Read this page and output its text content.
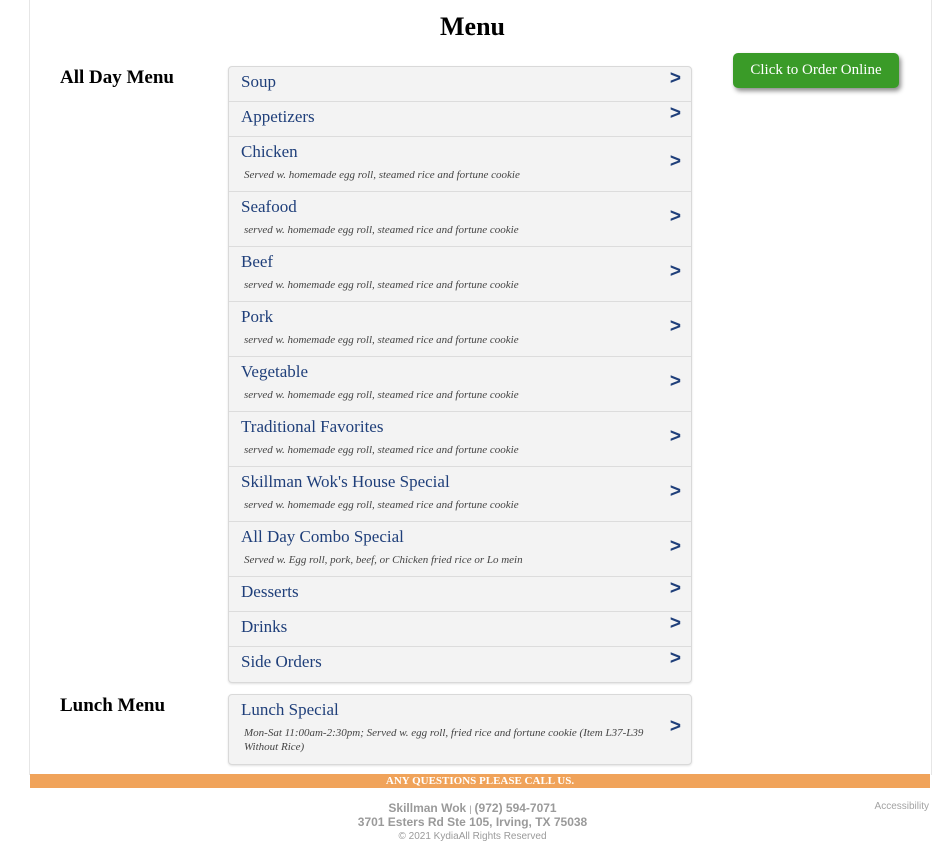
Menu
All Day Menu	Soup	>
Appetizers	>
Chicken
Served w. homemade egg roll, steamed rice and fortune cookie
>
Seafood
served w. homemade egg roll, steamed rice and fortune cookie
>
Beef
served w. homemade egg roll, steamed rice and fortune cookie
>
Pork
served w. homemade egg roll, steamed rice and fortune cookie
>
Vegetable
served w. homemade egg roll, steamed rice and fortune cookie
>
Traditional Favorites
served w. homemade egg roll, steamed rice and fortune cookie
>
Skillman Wok's House Special
served w. homemade egg roll, steamed rice and fortune cookie
>
All Day Combo Special
Served w. Egg roll, pork, beef, or Chicken fried rice or Lo mein
>
Desserts	>
Drinks	>
Side Orders	>
Click to Order Online
Lunch Menu	Lunch Special
Mon-Sat 11:00am-2:30pm; Served w. egg roll, fried rice and fortune cookie (Item L37-L39 Without Rice)
>
ANY QUESTIONS PLEASE CALL US.
Skillman Wok | (972) 594-7071
3701 Esters Rd Ste 105, Irving, TX 75038
© 2021 KydiaAll Rights Reserved
Accessibility
